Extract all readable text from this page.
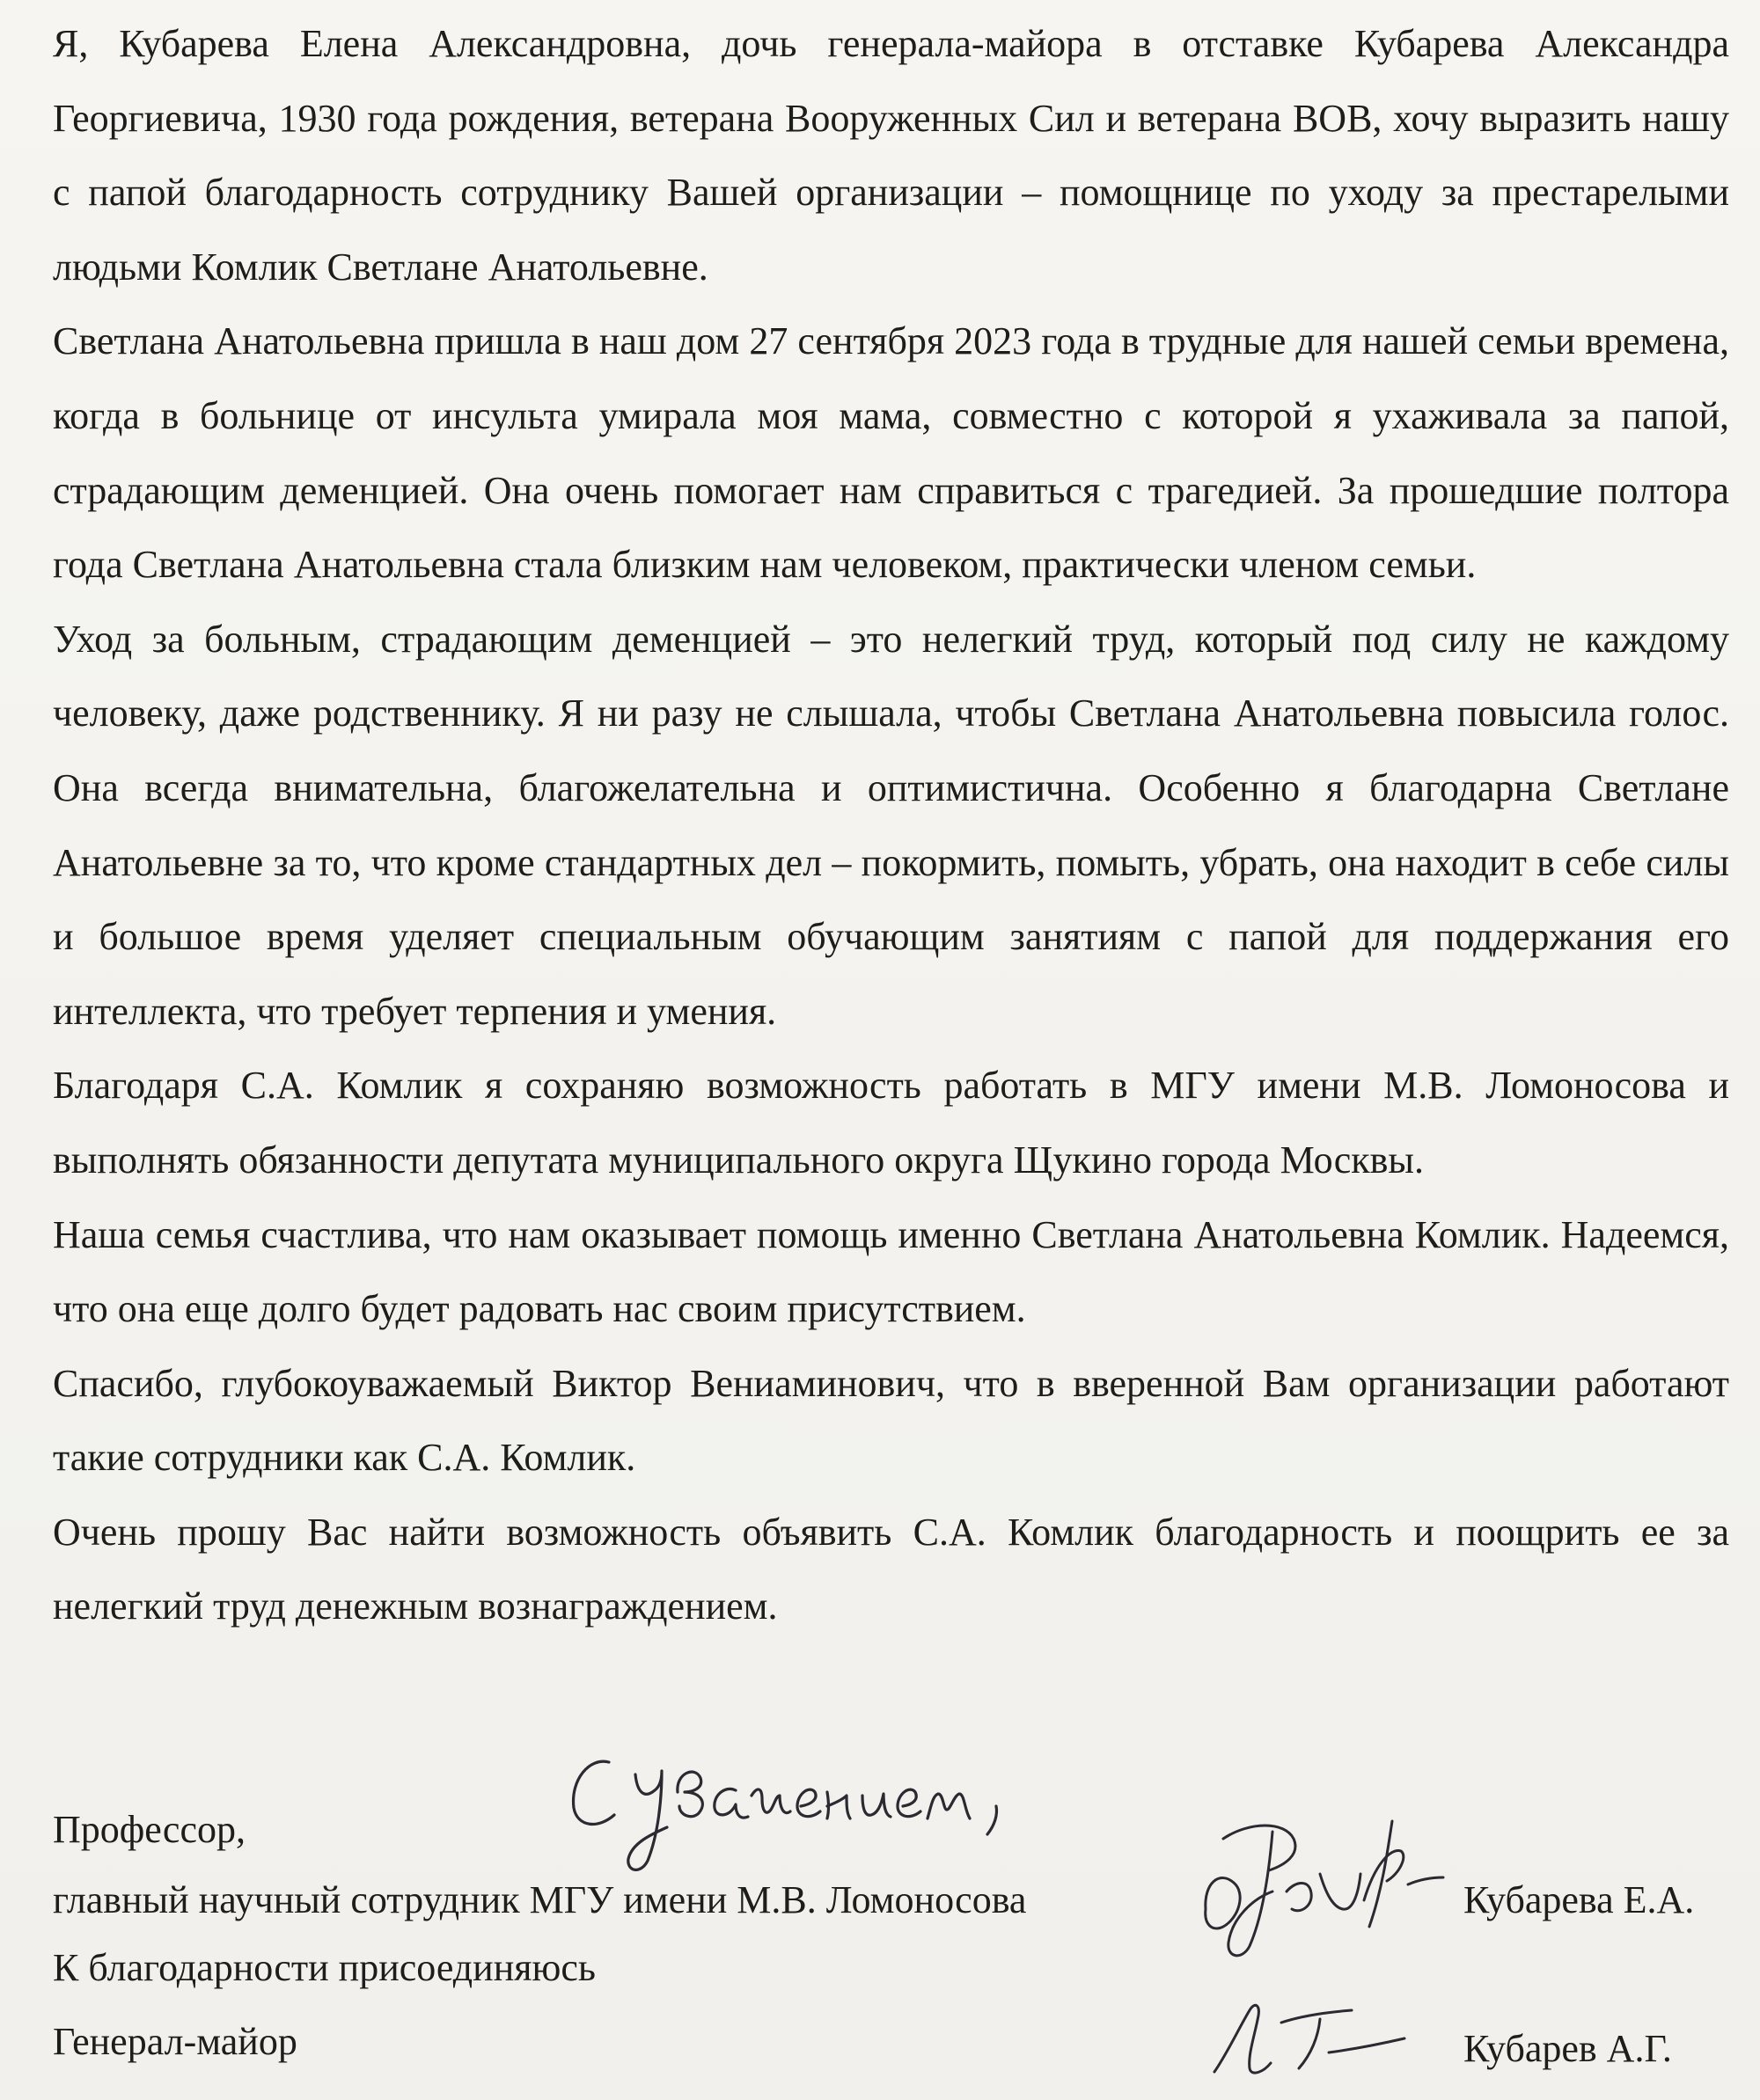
Я, Кубарева Елена Александровна, дочь генерала-майора в отставке Кубарева Александра Георгиевича, 1930 года рождения, ветерана Вооруженных Сил и ветерана ВОВ, хочу выразить нашу с папой благодарность сотруднику Вашей организации – помощнице по уходу за престарелыми людьми Комлик Светлане Анатольевне.

Светлана Анатольевна пришла в наш дом 27 сентября 2023 года в трудные для нашей семьи времена, когда в больнице от инсульта умирала моя мама, совместно с которой я ухаживала за папой, страдающим деменцией. Она очень помогает нам справиться с трагедией. За прошедшие полтора года Светлана Анатольевна стала близким нам человеком, практически членом семьи.

Уход за больным, страдающим деменцией – это нелегкий труд, который под силу не каждому человеку, даже родственнику. Я ни разу не слышала, чтобы Светлана Анатольевна повысила голос. Она всегда внимательна, благожелательна и оптимистична. Особенно я благодарна Светлане Анатольевне за то, что кроме стандартных дел – покормить, помыть, убрать, она находит в себе силы и большое время уделяет специальным обучающим занятиям с папой для поддержания его интеллекта, что требует терпения и умения.

Благодаря С.А. Комлик я сохраняю возможность работать в МГУ имени М.В. Ломоносова и выполнять обязанности депутата муниципального округа Щукино города Москвы.

Наша семья счастлива, что нам оказывает помощь именно Светлана Анатольевна Комлик. Надеемся, что она еще долго будет радовать нас своим присутствием.

Спасибо, глубокоуважаемый Виктор Вениаминович, что в вверенной Вам организации работают такие сотрудники как С.А. Комлик.

Очень прошу Вас найти возможность объявить С.А. Комлик благодарность и поощрить ее за нелегкий труд денежным вознаграждением.

Профессор,
главный научный сотрудник МГУ имени М.В. Ломоносова	Кубарева Е.А.
К благодарности присоединяюсь
Генерал-майор	Кубарев А.Г.
